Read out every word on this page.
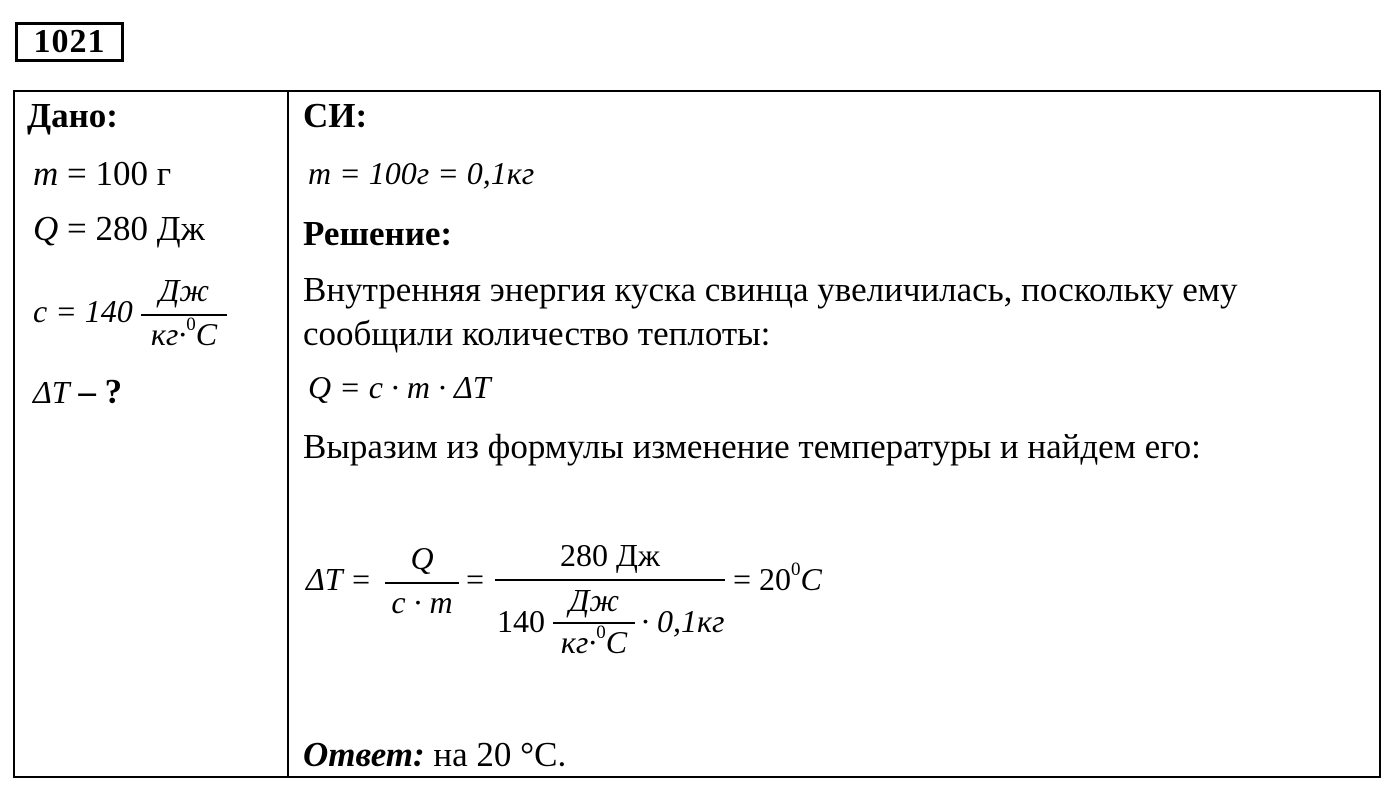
1021
Дано:
m = 100 г
Q = 280 Дж
c = 140
Дж
кг·$^0$C
ΔT – ?
СИ:
m = 100г = 0,1кг
Решение:
Внутренняя энергия куска свинца увеличилась, поскольку ему
сообщили количество теплоты:
Q = c · m · ΔT
Выразим из формулы изменение температуры и найдем его:
ΔT =
Q
c · m
=
280 Дж
140
Дж
кг·$^0$C
· 0,1кг
= $20^0C$
Ответ: на 20 °С.
